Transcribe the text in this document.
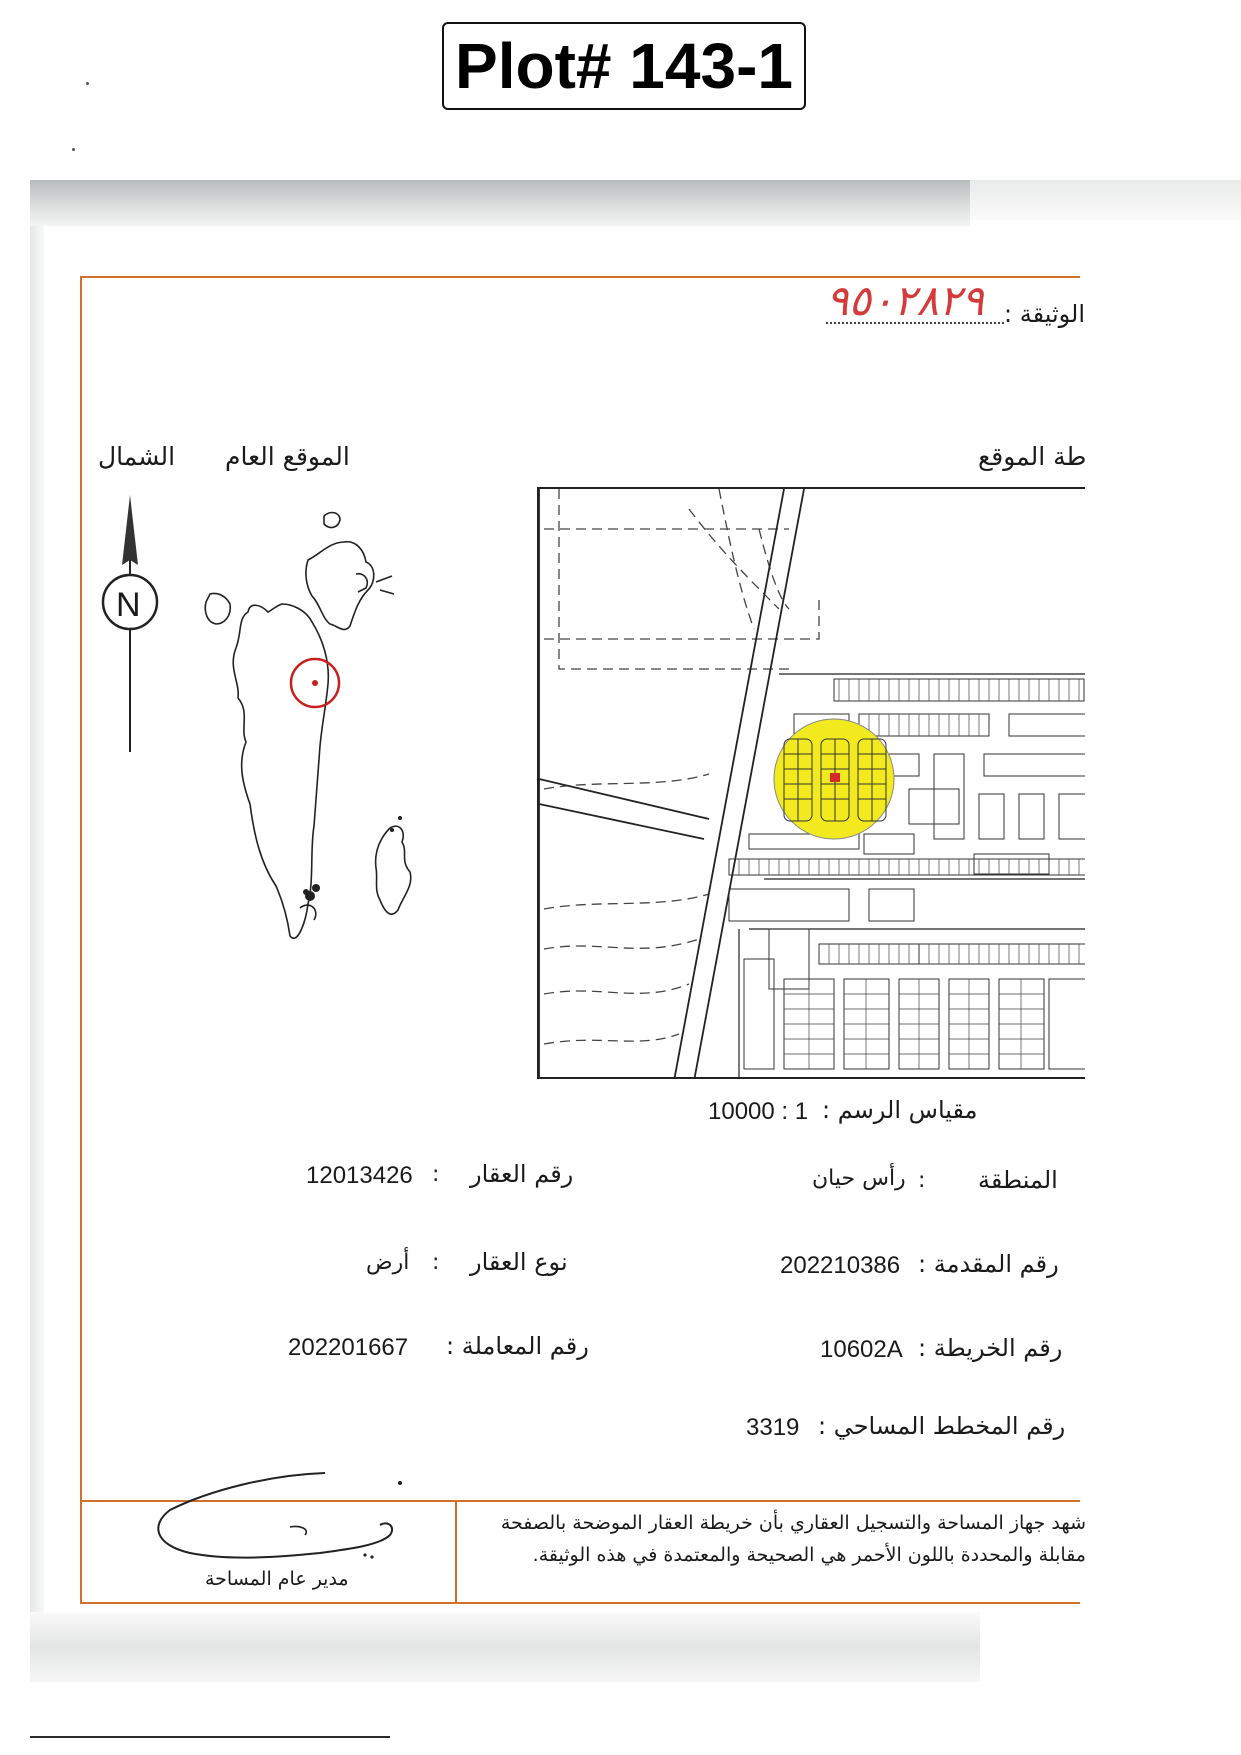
Plot# 143-1
الوثيقة :
٩٥٠٢٨٢٩
طة الموقع
الموقع العام
الشمال
N
مقياس الرسم :
10000 : 1
المنطقة
:
رأس حيان
رقم المقدمة :
202210386
رقم الخريطة :
10602A
رقم المخطط المساحي :
3319
رقم العقار
:
12013426
نوع العقار
:
أرض
رقم المعاملة :
202201667
شهد جهاز المساحة والتسجيل العقاري بأن خريطة العقار الموضحة بالصفحة
مقابلة والمحددة باللون الأحمر هي الصحيحة والمعتمدة في هذه الوثيقة.
مدير عام المساحة
